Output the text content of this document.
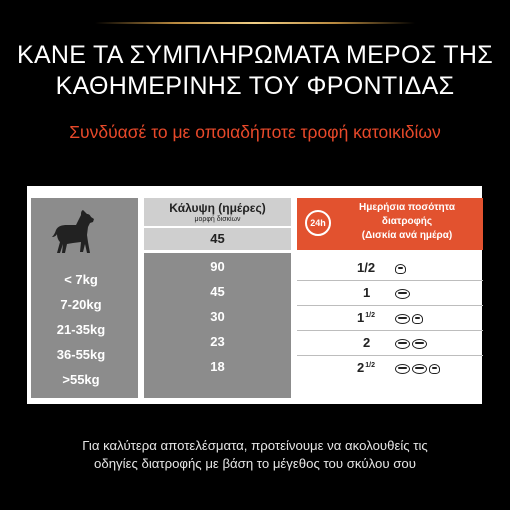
ΚΑΝΕ ΤΑ ΣΥΜΠΛΗΡΩΜΑΤΑ ΜΕΡΟΣ ΤΗΣ
ΚΑΘΗΜΕΡΙΝΗΣ ΤΟΥ ΦΡΟΝΤΙΔΑΣ
Συνδύασέ το με οποιαδήποτε τροφή κατοικιδίων
< 7kg
7-20kg
21-35kg
36-55kg
>55kg
Κάλυψη (ημέρες)
μορφή δισκίων
45
90
45
30
23
18
24h
Ημερήσια ποσότητα
διατροφής
(Δισκία ανά ημέρα)
1/2
1
$1^{1/2}$
2
$2^{1/2}$
Για καλύτερα αποτελέσματα, προτείνουμε να ακολουθείς τις
οδηγίες διατροφής με βάση το μέγεθος του σκύλου σου
